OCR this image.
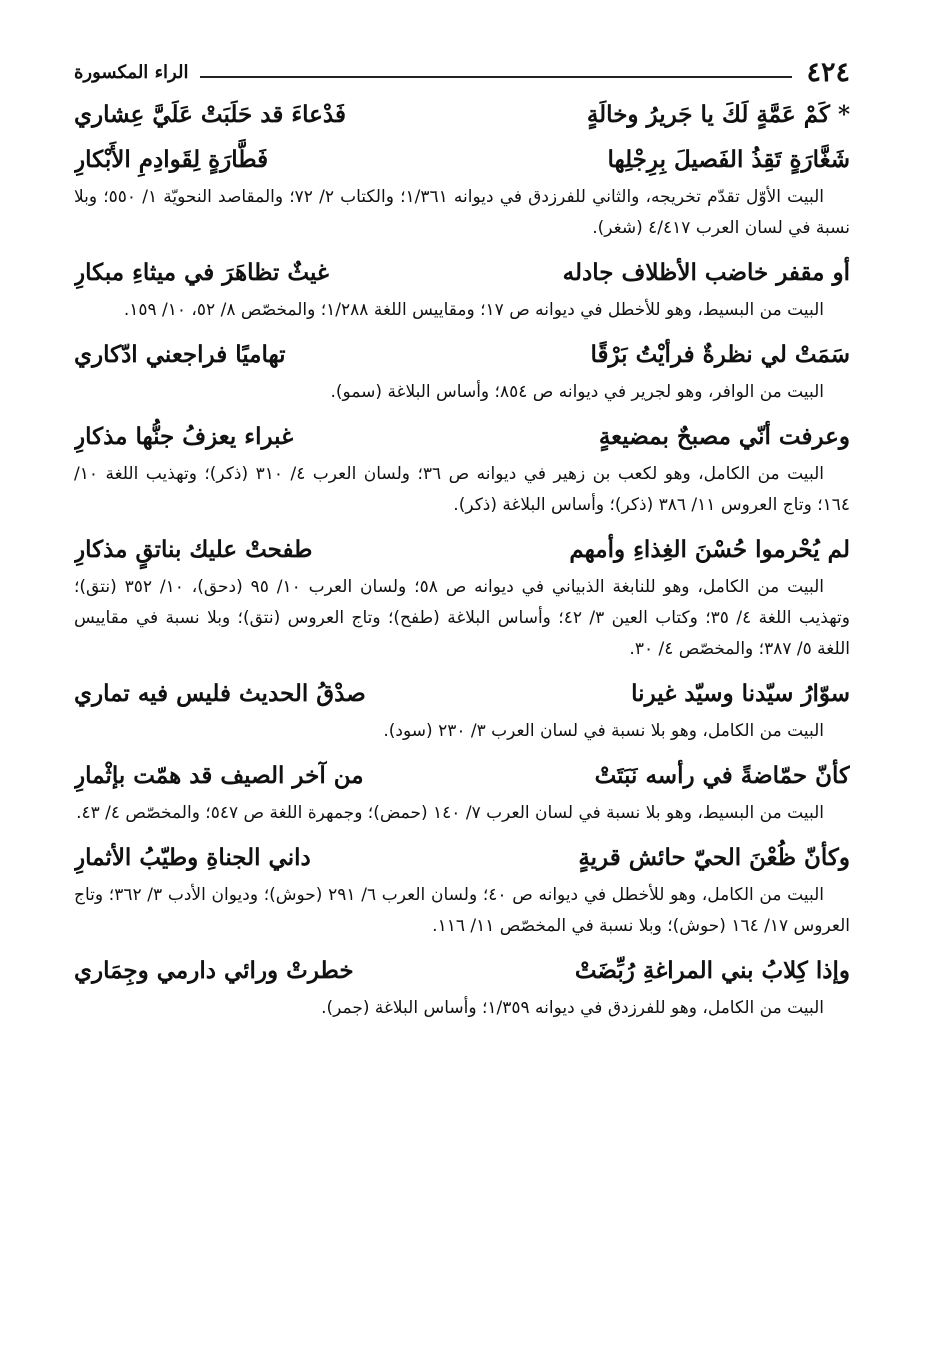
٤٢٤
الراء المكسورة
* كَمْ عَمَّةٍ لَكَ يا جَريرُ وخالَةٍ
فَدْعاءَ قد حَلَبَتْ عَلَيَّ عِشاري
شَغَّارَةٍ تَقِذُ الفَصيلَ بِرِجْلِها
فَطَّارَةٍ لِقَوادِمِ الأَبْكارِ

البيت الأوّل تقدّم تخريجه، والثاني للفرزدق في ديوانه ١/٣٦١؛ والكتاب ٢/ ٧٢؛ والمقاصد النحويّة ١/ ٥٥٠؛ وبلا نسبة في لسان العرب ٤/٤١٧ (شغر).

أو مقفر خاضب الأظلاف جادله
غيثٌ تظاهَرَ في ميثاءِ مبكارِ

البيت من البسيط، وهو للأخطل في ديوانه ص ١٧؛ ومقاييس اللغة ١/٢٨٨؛ والمخصّص ٨/ ٥٢، ١٠/ ١٥٩.

سَمَتْ لي نظرةٌ فرأيْتُ بَرْقًا
تهاميًا فراجعني ادّكاري

البيت من الوافر، وهو لجرير في ديوانه ص ٨٥٤؛ وأساس البلاغة (سمو).

وعرفت أنّي مصبحٌ بمضيعةٍ
غبراء يعزفُ جنُّها مذكارِ

البيت من الكامل، وهو لكعب بن زهير في ديوانه ص ٣٦؛ ولسان العرب ٤/ ٣١٠ (ذكر)؛ وتهذيب اللغة ١٠/ ١٦٤؛ وتاج العروس ١١/ ٣٨٦ (ذكر)؛ وأساس البلاغة (ذكر).

لم يُحْرموا حُسْنَ الغِذاءِ وأمهم
طفحتْ عليك بناتقٍ مذكارِ

البيت من الكامل، وهو للنابغة الذبياني في ديوانه ص ٥٨؛ ولسان العرب ١٠/ ٩٥ (دحق)، ١٠/ ٣٥٢ (نتق)؛ وتهذيب اللغة ٤/ ٣٥؛ وكتاب العين ٣/ ٤٢؛ وأساس البلاغة (طفح)؛ وتاج العروس (نتق)؛ وبلا نسبة في مقاييس اللغة ٥/ ٣٨٧؛ والمخصّص ٤/ ٣٠.

سوّارُ سيّدنا وسيّد غيرنا
صدْقُ الحديث فليس فيه تماري

البيت من الكامل، وهو بلا نسبة في لسان العرب ٣/ ٢٣٠ (سود).

كأنّ حمّاضةً في رأسه نَبَتَتْ
من آخر الصيف قد همّت بإثْمارِ

البيت من البسيط، وهو بلا نسبة في لسان العرب ٧/ ١٤٠ (حمض)؛ وجمهرة اللغة ص ٥٤٧؛ والمخصّص ٤/ ٤٣.

وكأنّ ظُعْنَ الحيّ حائش قريةٍ
داني الجناةِ وطيّبُ الأثمارِ

البيت من الكامل، وهو للأخطل في ديوانه ص ٤٠؛ ولسان العرب ٦/ ٢٩١ (حوش)؛ وديوان الأدب ٣/ ٣٦٢؛ وتاج العروس ١٧/ ١٦٤ (حوش)؛ وبلا نسبة في المخصّص ١١/ ١١٦.

وإذا كِلابُ بني المراغةِ رُبِّضَتْ
خطرتْ ورائي دارمي وجِمَاري

البيت من الكامل، وهو للفرزدق في ديوانه ١/٣٥٩؛ وأساس البلاغة (جمر).
